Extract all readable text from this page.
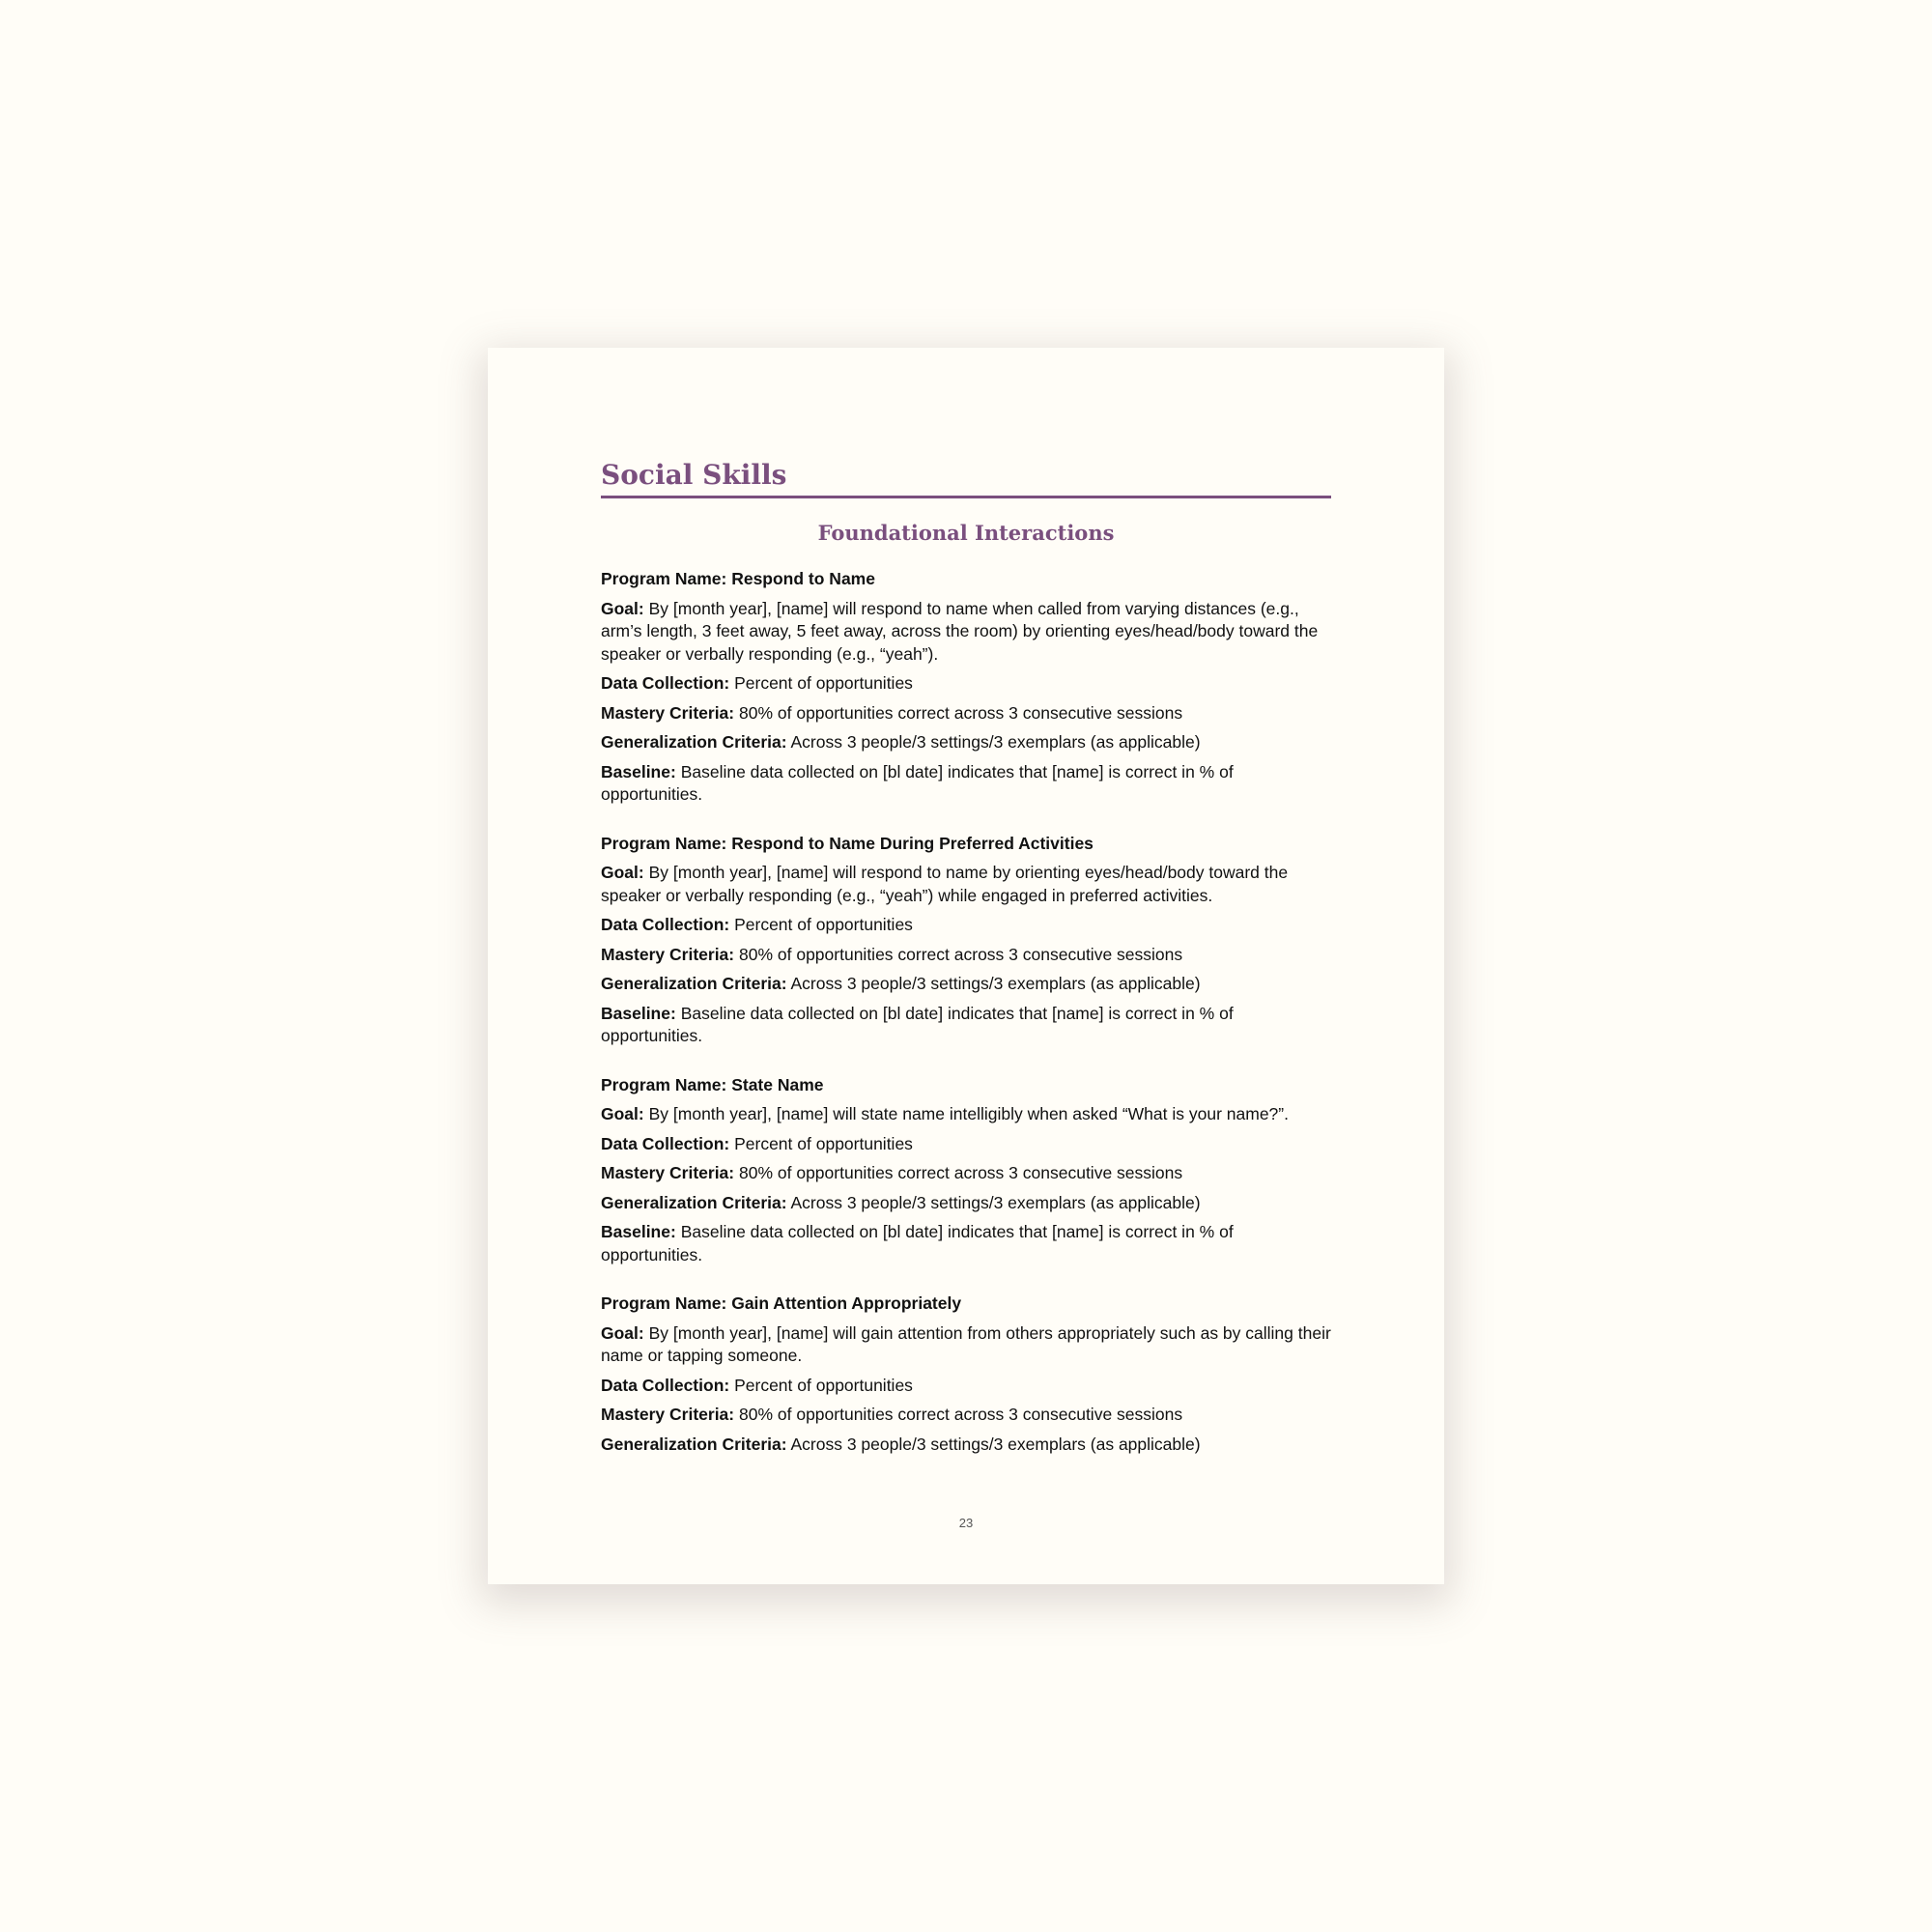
Social Skills
Foundational Interactions

Program Name: Respond to Name

Goal: By [month year], [name] will respond to name when called from varying distances (e.g., arm’s length, 3 feet away, 5 feet away, across the room) by orienting eyes/head/body toward the speaker or verbally responding (e.g., “yeah”).

Data Collection: Percent of opportunities

Mastery Criteria: 80% of opportunities correct across 3 consecutive sessions

Generalization Criteria: Across 3 people/3 settings/3 exemplars (as applicable)

Baseline: Baseline data collected on [bl date] indicates that [name] is correct in % of opportunities.

Program Name: Respond to Name During Preferred Activities

Goal: By [month year], [name] will respond to name by orienting eyes/head/body toward the speaker or verbally responding (e.g., “yeah”) while engaged in preferred activities.

Data Collection: Percent of opportunities

Mastery Criteria: 80% of opportunities correct across 3 consecutive sessions

Generalization Criteria: Across 3 people/3 settings/3 exemplars (as applicable)

Baseline: Baseline data collected on [bl date] indicates that [name] is correct in % of opportunities.

Program Name: State Name

Goal: By [month year], [name] will state name intelligibly when asked “What is your name?”.

Data Collection: Percent of opportunities

Mastery Criteria: 80% of opportunities correct across 3 consecutive sessions

Generalization Criteria: Across 3 people/3 settings/3 exemplars (as applicable)

Baseline: Baseline data collected on [bl date] indicates that [name] is correct in % of opportunities.

Program Name: Gain Attention Appropriately

Goal: By [month year], [name] will gain attention from others appropriately such as by calling their name or tapping someone.

Data Collection: Percent of opportunities

Mastery Criteria: 80% of opportunities correct across 3 consecutive sessions

Generalization Criteria: Across 3 people/3 settings/3 exemplars (as applicable)

23
